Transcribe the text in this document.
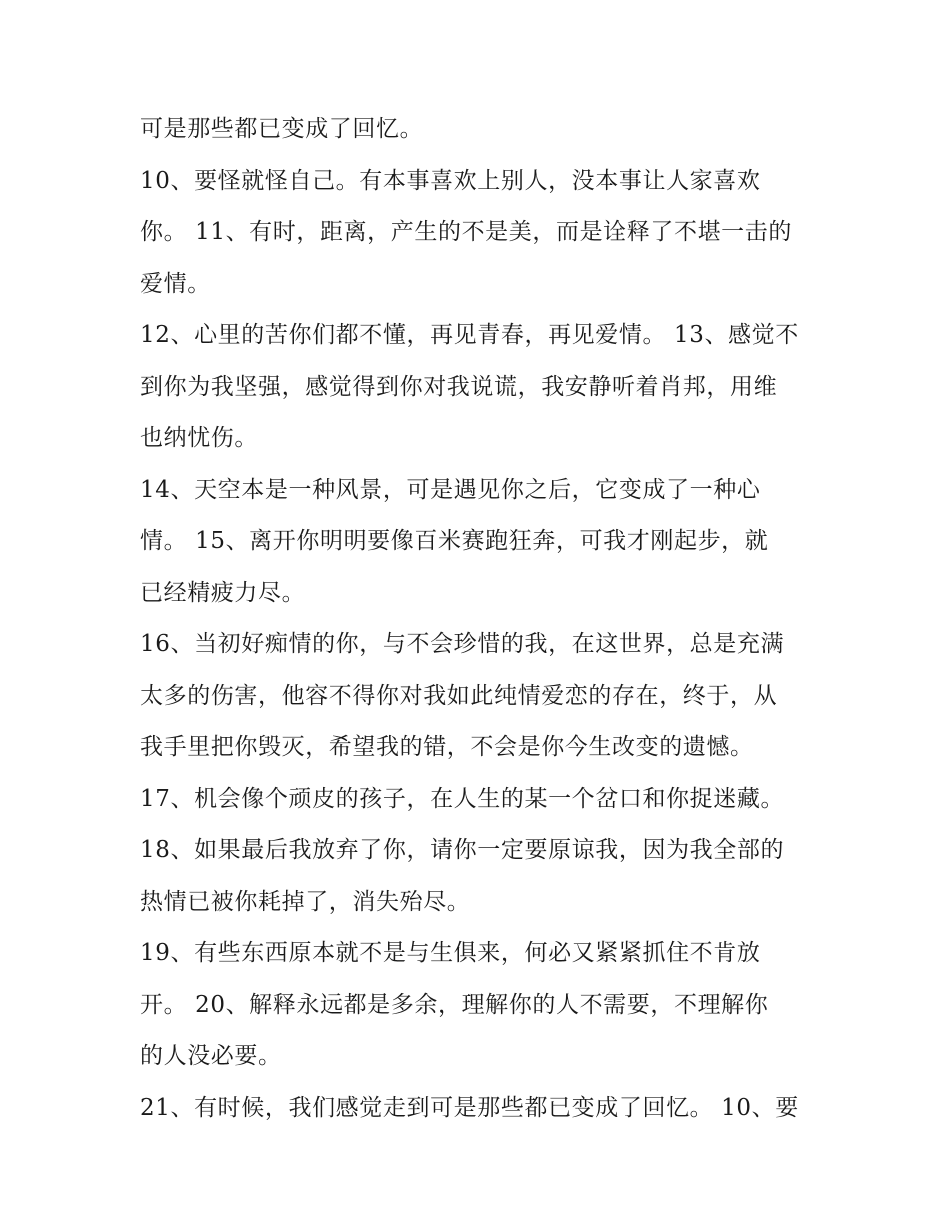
可是那些都已变成了回忆。
10、要怪就怪自己。有本事喜欢上别人，没本事让人家喜欢
你。 11、有时，距离，产生的不是美，而是诠释了不堪一击的
爱情。
12、心里的苦你们都不懂，再见青春，再见爱情。 13、感觉不
到你为我坚强，感觉得到你对我说谎，我安静听着肖邦，用维
也纳忧伤。
14、天空本是一种风景，可是遇见你之后，它变成了一种心
情。 15、离开你明明要像百米赛跑狂奔，可我才刚起步，就
已经精疲力尽。
16、当初好痴情的你，与不会珍惜的我，在这世界，总是充满
太多的伤害，他容不得你对我如此纯情爱恋的存在，终于，从
我手里把你毁灭，希望我的错，不会是你今生改变的遗憾。
17、机会像个顽皮的孩子，在人生的某一个岔口和你捉迷藏。
18、如果最后我放弃了你，请你一定要原谅我，因为我全部的
热情已被你耗掉了，消失殆尽。
19、有些东西原本就不是与生俱来，何必又紧紧抓住不肯放
开。 20、解释永远都是多余，理解你的人不需要，不理解你
的人没必要。
21、有时候，我们感觉走到可是那些都已变成了回忆。 10、要
